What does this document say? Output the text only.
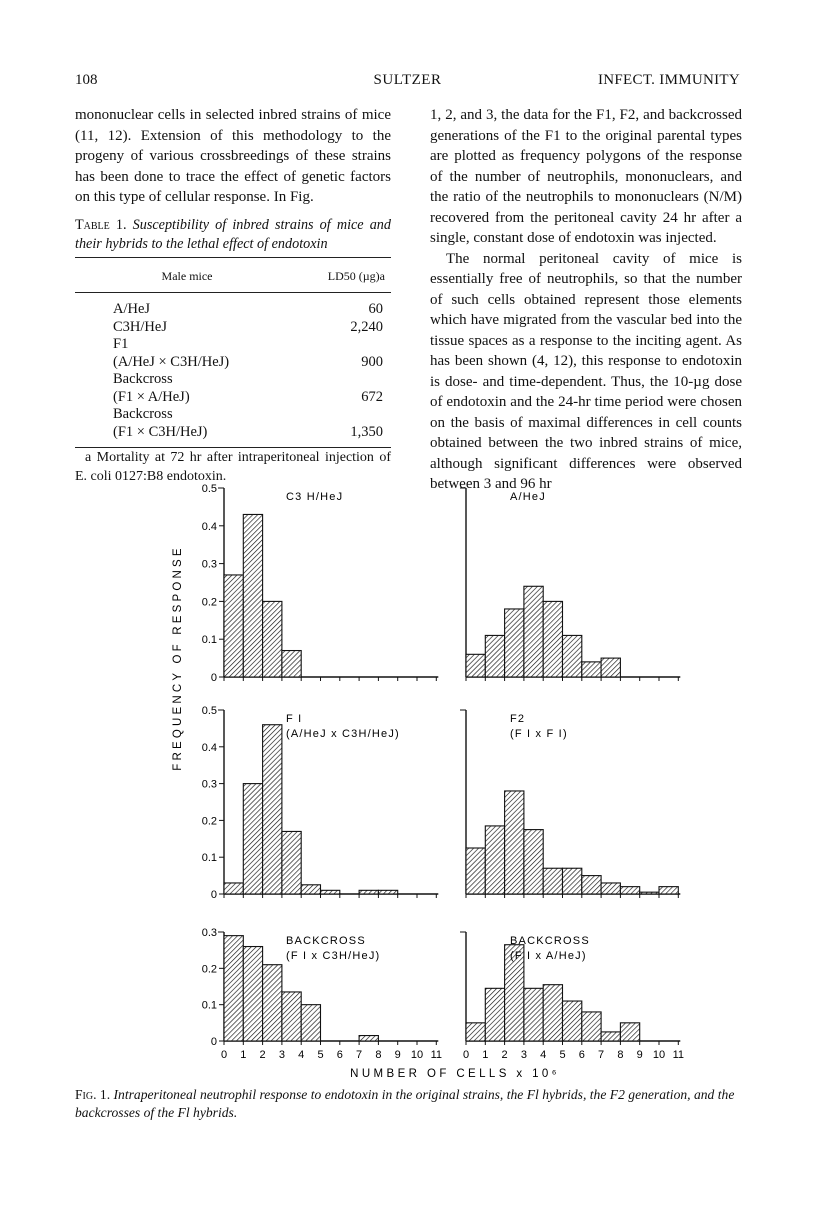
108	SULTZER	INFECT. IMMUNITY

mononuclear cells in selected inbred strains of mice (11, 12). Extension of this methodology to the progeny of various crossbreedings of these strains has been done to trace the effect of genetic factors on this type of cellular response. In Fig.

Table 1. Susceptibility of inbred strains of mice and their hybrids to the lethal effect of endotoxin
Male mice	LD50 (µg)a
A/HeJ	60
C3H/HeJ	2,240
F1	
(A/HeJ × C3H/HeJ)	900
Backcross	
(F1 × A/HeJ)	672
Backcross	
(F1 × C3H/HeJ)	1,350

a Mortality at 72 hr after intraperitoneal injection of E. coli 0127:B8 endotoxin.

1, 2, and 3, the data for the F1, F2, and backcrossed generations of the F1 to the original parental types are plotted as frequency polygons of the response of the number of neutrophils, mononuclears, and the ratio of the neutrophils to mononuclears (N/M) recovered from the peritoneal cavity 24 hr after a single, constant dose of endotoxin was injected.

The normal peritoneal cavity of mice is essentially free of neutrophils, so that the number of such cells obtained represent those elements which have migrated from the vascular bed into the tissue spaces as a response to the inciting agent. As has been shown (4, 12), this response to endotoxin is dose- and time-dependent. Thus, the 10-µg dose of endotoxin and the 24-hr time period were chosen on the basis of maximal differences in cell counts obtained between the two inbred strains of mice, although significant differences were observed between 3 and 96 hr

FREQUENCY OF RESPONSE
NUMBER OF CELLS x 10⁶
0
0.1
0.2
0.3
0.4
0.5
C3 H/HeJ	A/HeJ
0
0.1
0.2
0.3
0.4
0.5
F I
(A/HeJ x C3H/HeJ)
F2
(F I x F I)
0
0.1
0.2
0.3
BACKCROSS
(F I x C3H/HeJ)
0 1 2 3 4 5 6 7 8 9 10 11
BACKCROSS
(F I x A/HeJ)
0 1 2 3 4 5 6 7 8 9 10 11
Fig. 1. Intraperitoneal neutrophil response to endotoxin in the original strains, the Fl hybrids, the F2 generation, and the backcrosses of the Fl hybrids.
